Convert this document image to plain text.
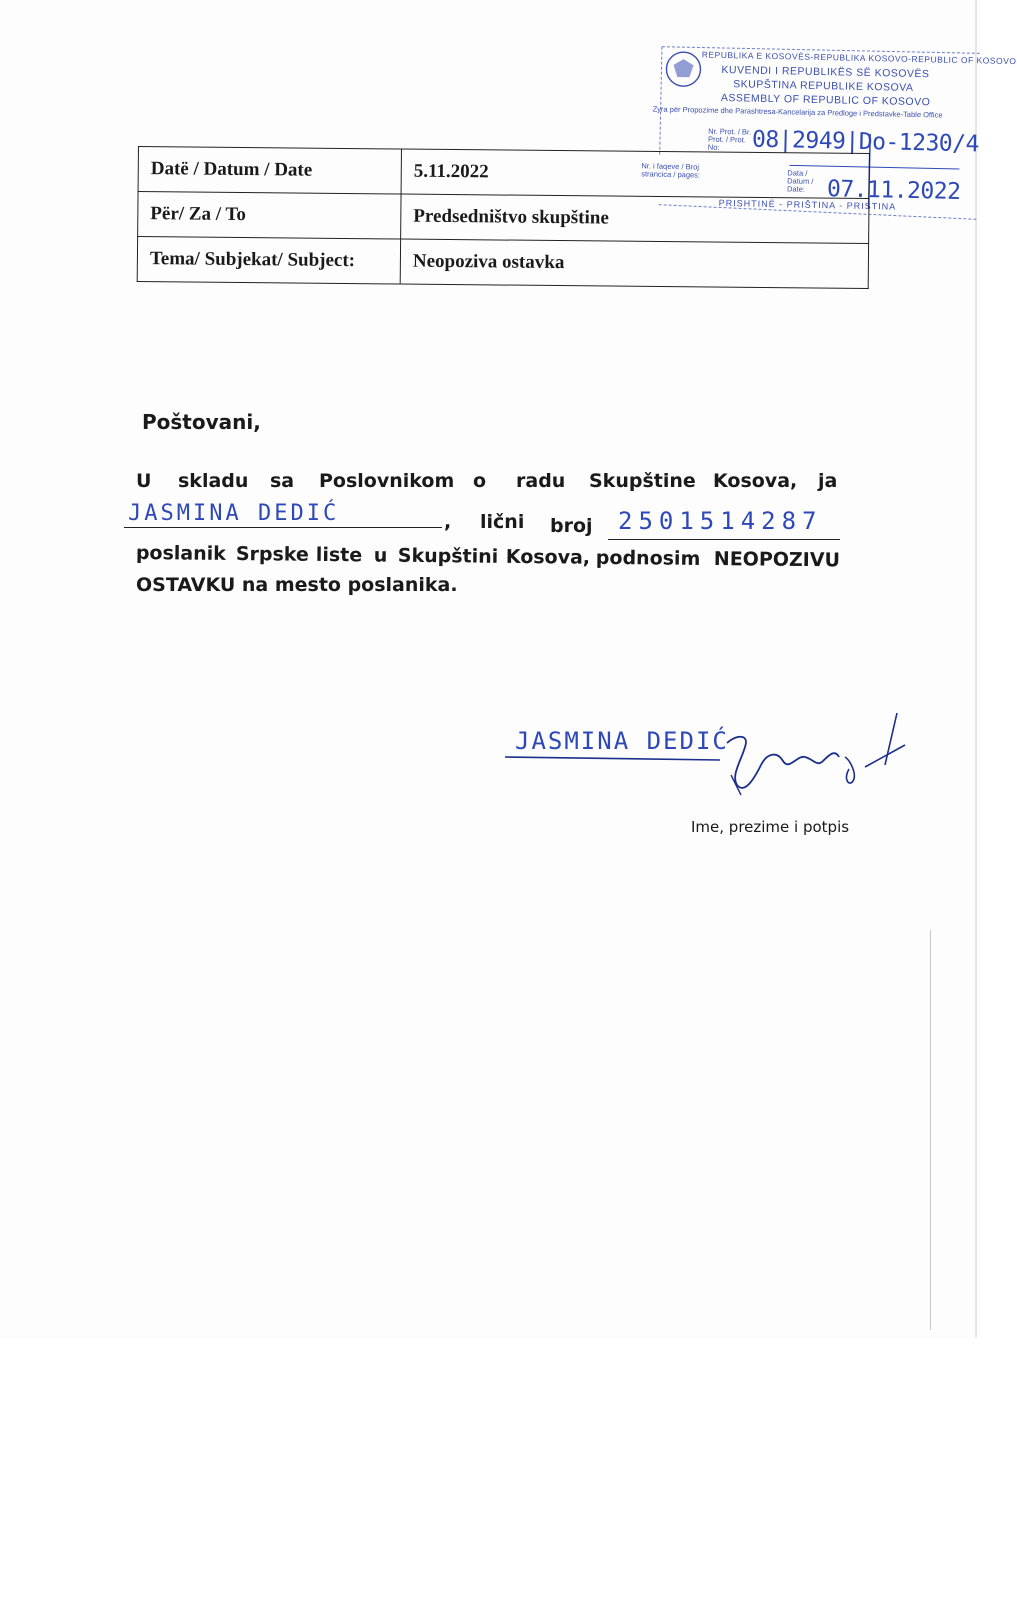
REPUBLIKA E KOSOVËS-REPUBLIKA KOSOVO-REPUBLIC OF KOSOVO
KUVENDI I REPUBLIKËS SË KOSOVËS
SKUPŠTINA REPUBLIKE KOSOVA
ASSEMBLY OF REPUBLIC OF KOSOVO
Zyra për Propozime dhe Parashtresa-Kancelarija za Predloge i Predstavke-Table Office
Nr. Prot. / Br. Prot. / Prot. No:	08|2949|Do-1230/4
Nr. i faqeve / Broj strancica / pages:	Data / Datum / Date: 07.11.2022
PRISHTINË - PRIŠTINA - PRISTINA
Datë / Datum / Date	5.11.2022
Për/ Za / To	Predsedništvo skupštine
Tema/ Subjekat/ Subject:	Neopoziva ostavka
Poštovani,
U skladu sa Poslovnikom o radu Skupštine Kosova, ja
JASMINA DEDIĆ	, lični broj 2501514287
poslanik Srpske liste u Skupštini Kosova, podnosim NEOPOZIVU
OSTAVKU na mesto poslanika.
JASMINA DEDIĆ
Ime, prezime i potpis
